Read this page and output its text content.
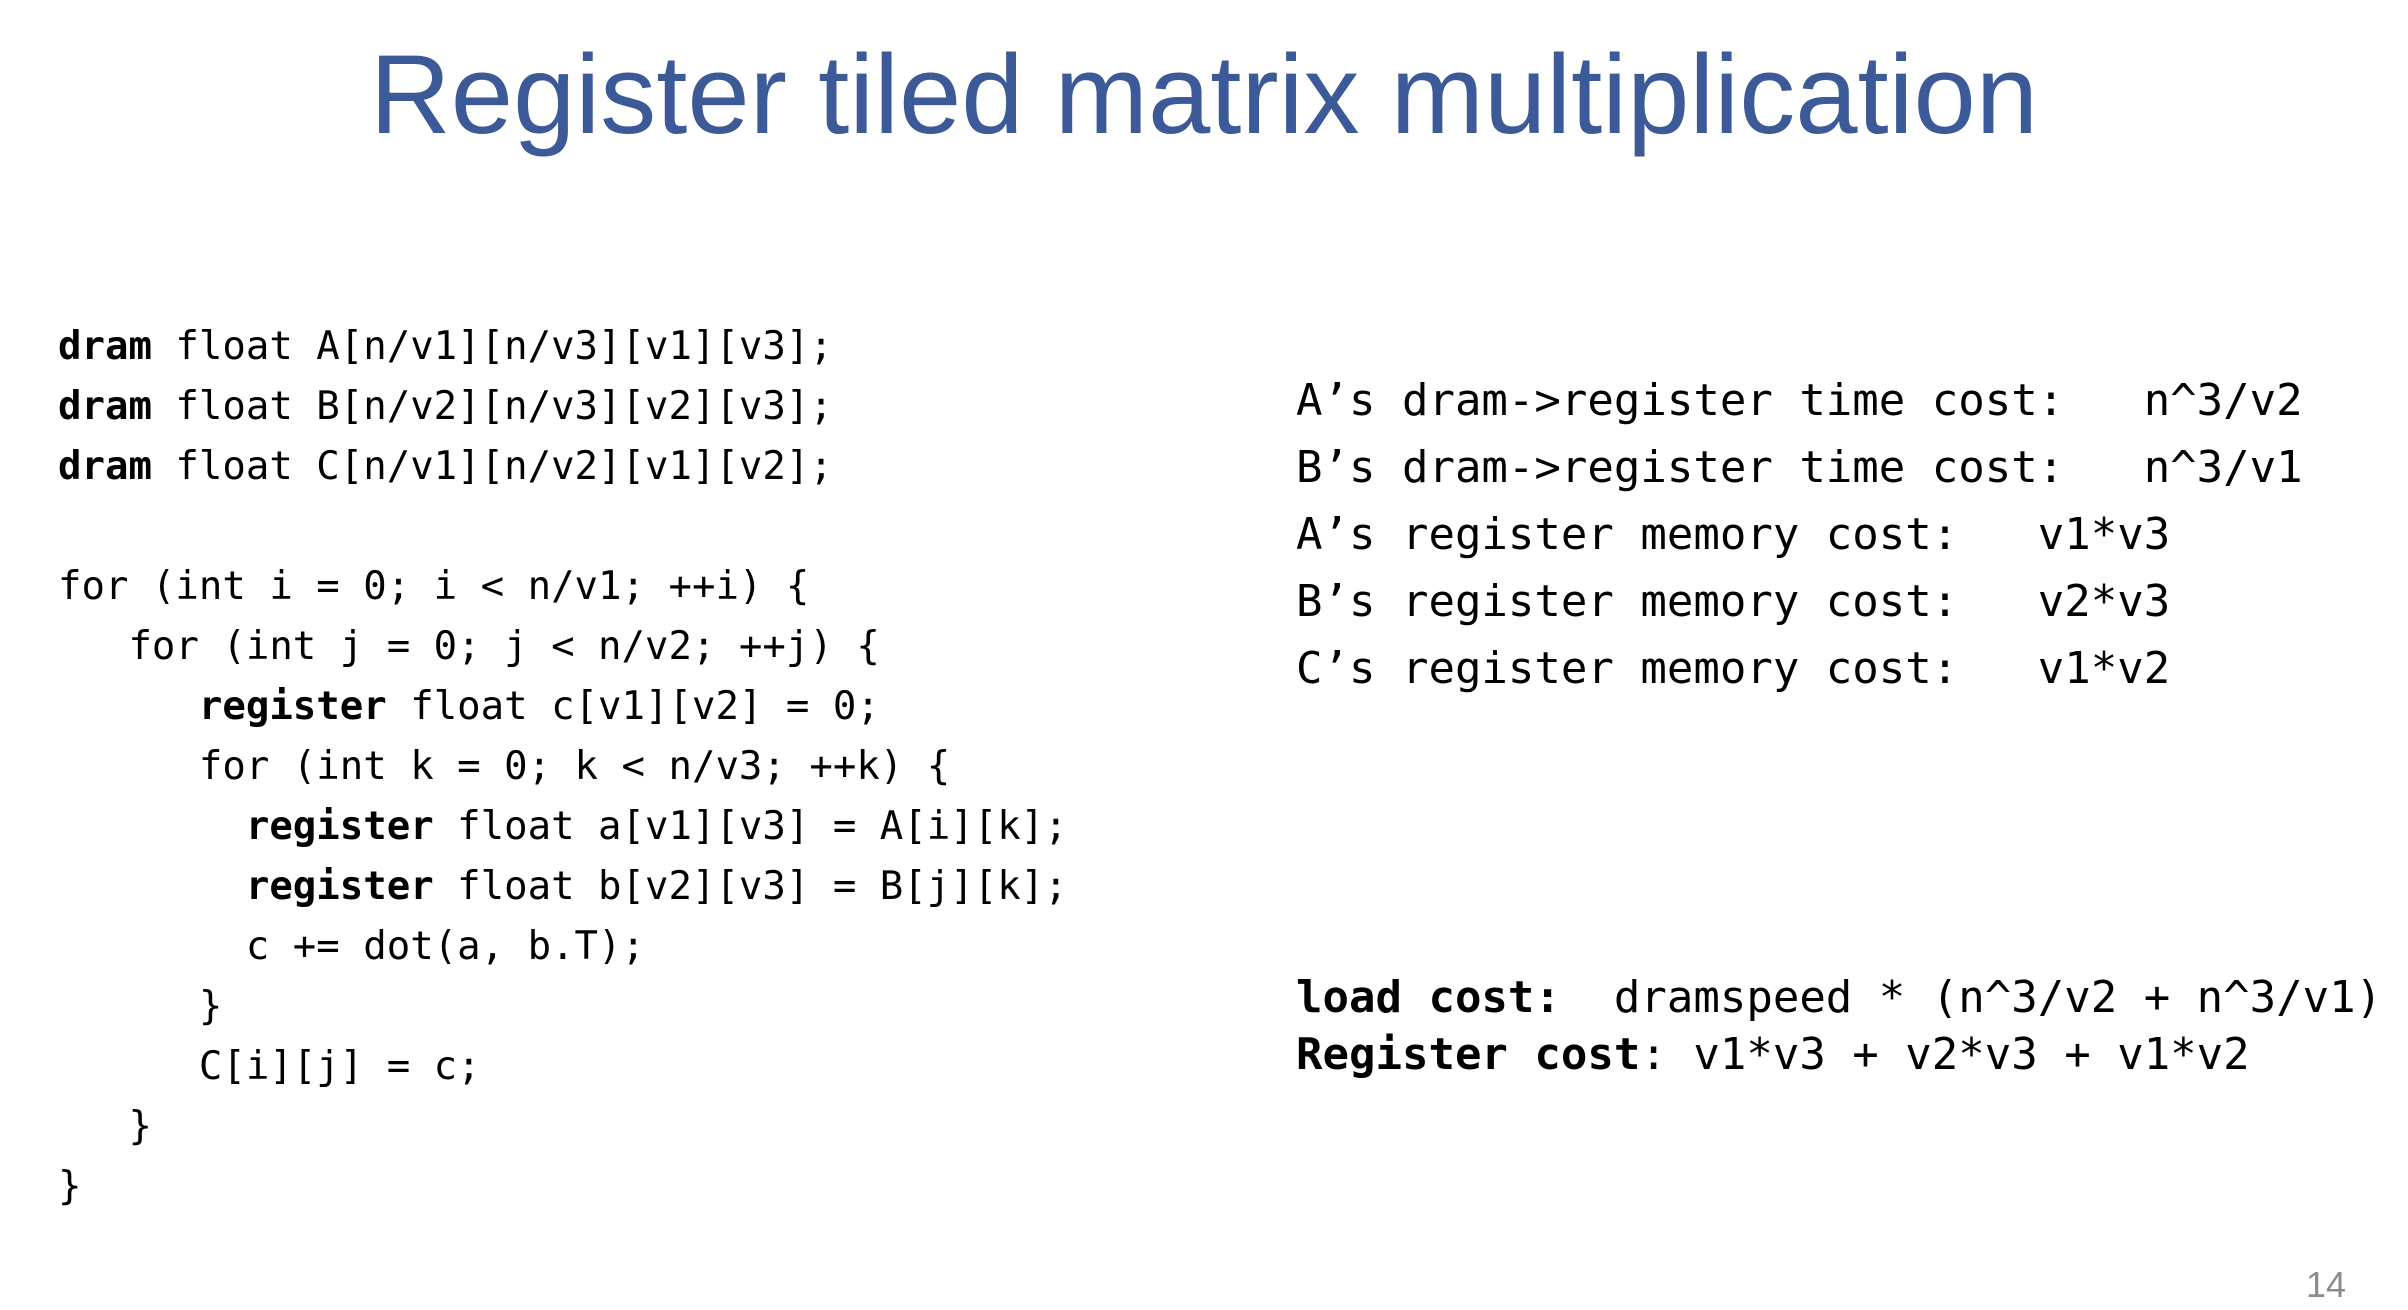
Register tiled matrix multiplication
dram float A[n/v1][n/v3][v1][v3];
dram float B[n/v2][n/v3][v2][v3];
dram float C[n/v1][n/v2][v1][v2];
for (int i = 0; i < n/v1; ++i) {
for (int j = 0; j < n/v2; ++j) {
register float c[v1][v2] = 0;
for (int k = 0; k < n/v3; ++k) {
register float a[v1][v3] = A[i][k];
register float b[v2][v3] = B[j][k];
c += dot(a, b.T);
}
C[i][j] = c;
}
}
A’s dram->register time cost:   n^3/v2
B’s dram->register time cost:   n^3/v1
A’s register memory cost:   v1*v3
B’s register memory cost:   v2*v3
C’s register memory cost:   v1*v2
load cost:  dramspeed * (n^3/v2 + n^3/v1)
Register cost: v1*v3 + v2*v3 + v1*v2
14
